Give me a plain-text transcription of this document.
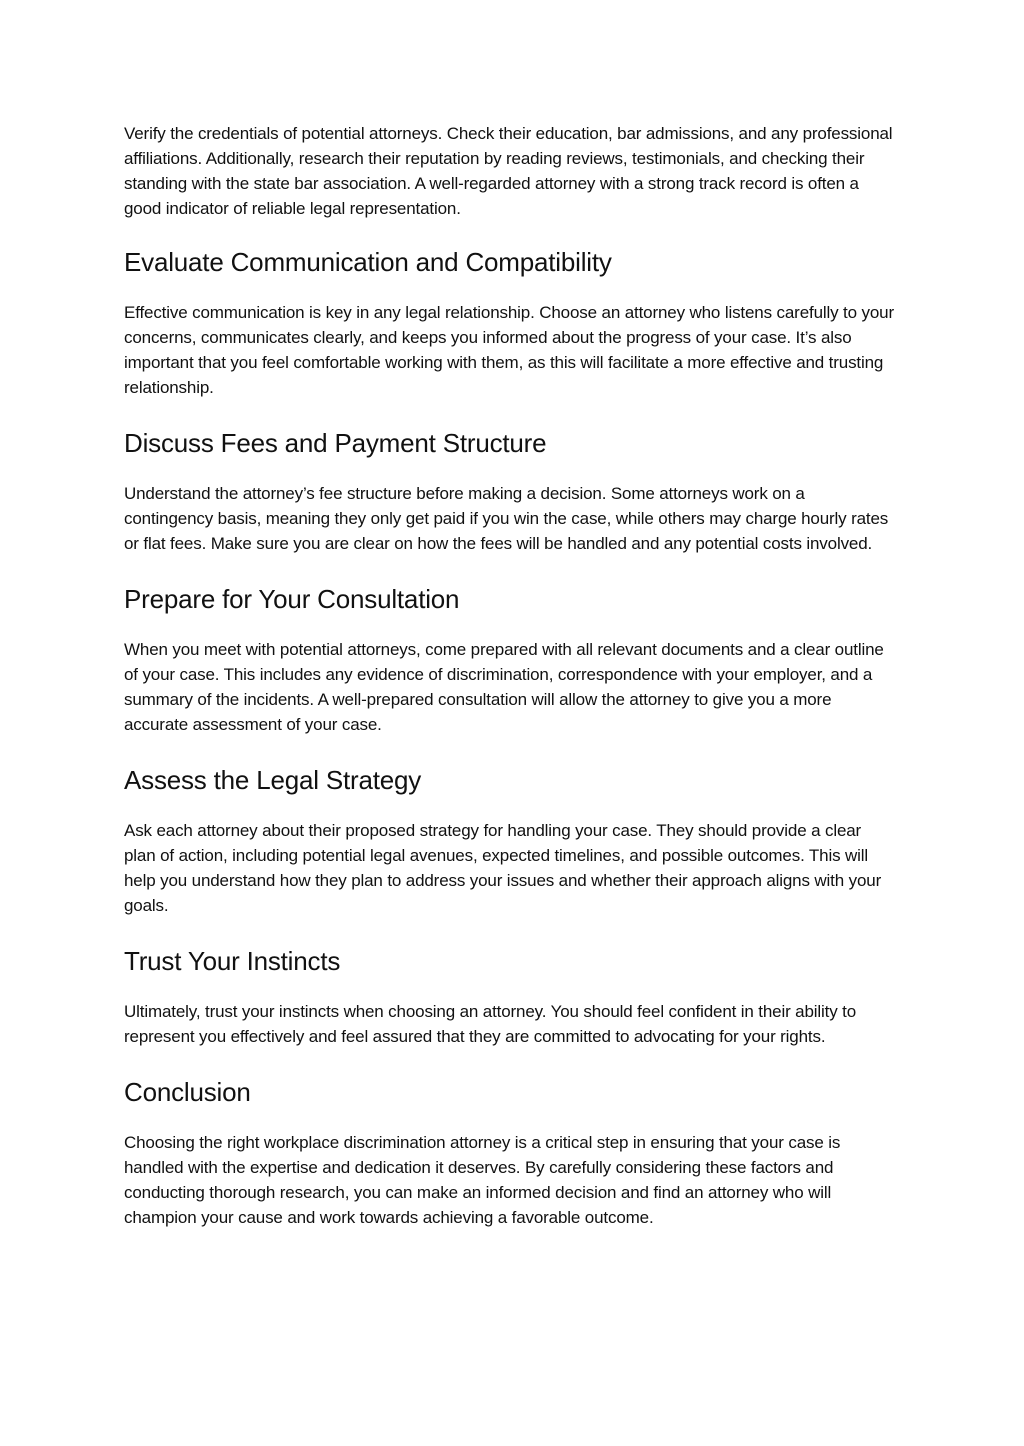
Verify the credentials of potential attorneys. Check their education, bar admissions, and any professional affiliations. Additionally, research their reputation by reading reviews, testimonials, and checking their standing with the state bar association. A well-regarded attorney with a strong track record is often a good indicator of reliable legal representation.

Evaluate Communication and Compatibility

Effective communication is key in any legal relationship. Choose an attorney who listens carefully to your concerns, communicates clearly, and keeps you informed about the progress of your case. It’s also important that you feel comfortable working with them, as this will facilitate a more effective and trusting relationship.

Discuss Fees and Payment Structure

Understand the attorney’s fee structure before making a decision. Some attorneys work on a contingency basis, meaning they only get paid if you win the case, while others may charge hourly rates or flat fees. Make sure you are clear on how the fees will be handled and any potential costs involved.

Prepare for Your Consultation

When you meet with potential attorneys, come prepared with all relevant documents and a clear outline of your case. This includes any evidence of discrimination, correspondence with your employer, and a summary of the incidents. A well-prepared consultation will allow the attorney to give you a more accurate assessment of your case.

Assess the Legal Strategy

Ask each attorney about their proposed strategy for handling your case. They should provide a clear plan of action, including potential legal avenues, expected timelines, and possible outcomes. This will help you understand how they plan to address your issues and whether their approach aligns with your goals.

Trust Your Instincts

Ultimately, trust your instincts when choosing an attorney. You should feel confident in their ability to represent you effectively and feel assured that they are committed to advocating for your rights.

Conclusion

Choosing the right workplace discrimination attorney is a critical step in ensuring that your case is handled with the expertise and dedication it deserves. By carefully considering these factors and conducting thorough research, you can make an informed decision and find an attorney who will champion your cause and work towards achieving a favorable outcome.
